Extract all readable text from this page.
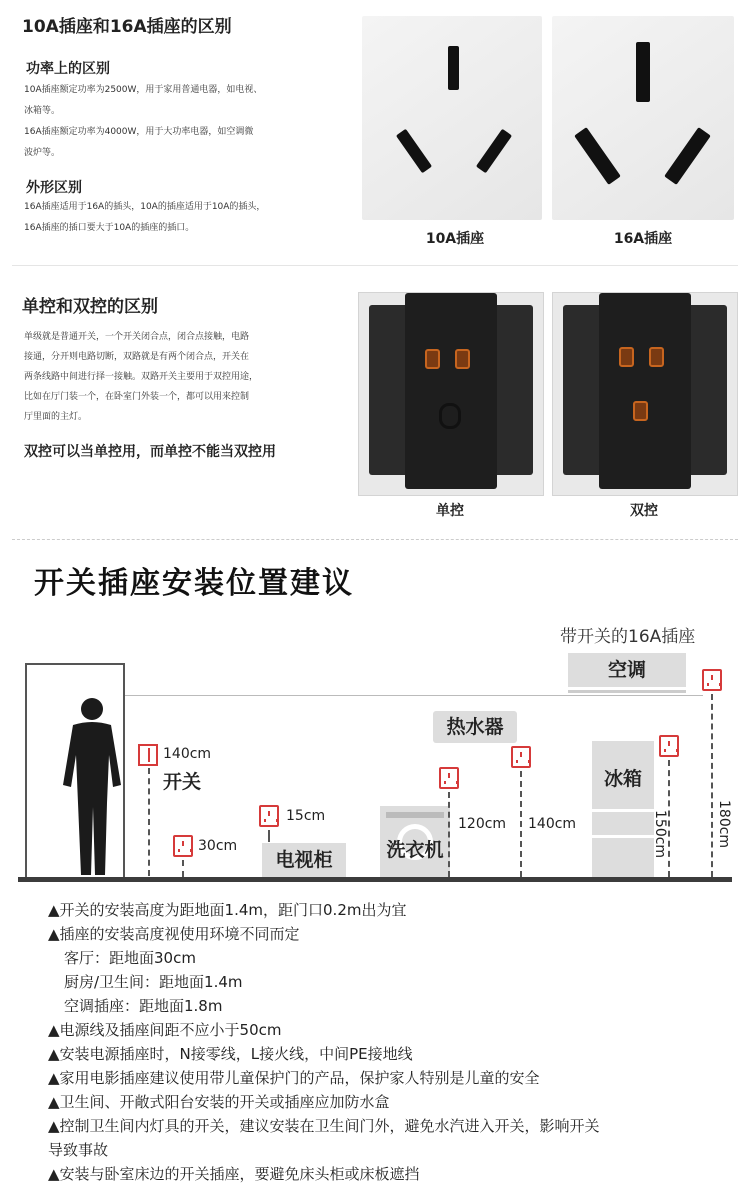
10A插座和16A插座的区别
功率上的区别
10A插座额定功率为2500W，用于家用普通电器，如电视、
冰箱等。
16A插座额定功率为4000W，用于大功率电器，如空调微
波炉等。
外形区别
16A插座适用于16A的插头，10A的插座适用于10A的插头，
16A插座的插口要大于10A的插座的插口。
10A插座	16A插座
单控和双控的区别
单级就是普通开关，一个开关闭合点，闭合点接触，电路
接通，分开则电路切断，双路就是有两个闭合点，开关在
两条线路中间进行择一接触。双路开关主要用于双控用途，
比如在厅门装一个，在卧室门外装一个，都可以用来控制
厅里面的主灯。
双控可以当单控用，而单控不能当双控用
单控	双控
开关插座安装位置建议
带开关的16A插座
空调
140cm
开关
30cm
15cm
电视柜	洗衣机
120cm
热水器
140cm
冰箱
150cm	180cm
▲开关的安装高度为距地面1.4m，距门口0.2m出为宜
▲插座的安装高度视使用环境不同而定
客厅：距地面30cm
厨房/卫生间：距地面1.4m
空调插座：距地面1.8m
▲电源线及插座间距不应小于50cm
▲安装电源插座时，N接零线，L接火线，中间PE接地线
▲家用电影插座建议使用带儿童保护门的产品，保护家人特别是儿童的安全
▲卫生间、开敞式阳台安装的开关或插座应加防水盒
▲控制卫生间内灯具的开关，建议安装在卫生间门外，避免水汽进入开关，影响开关
导致事故
▲安装与卧室床边的开关插座，要避免床头柜或床板遮挡
